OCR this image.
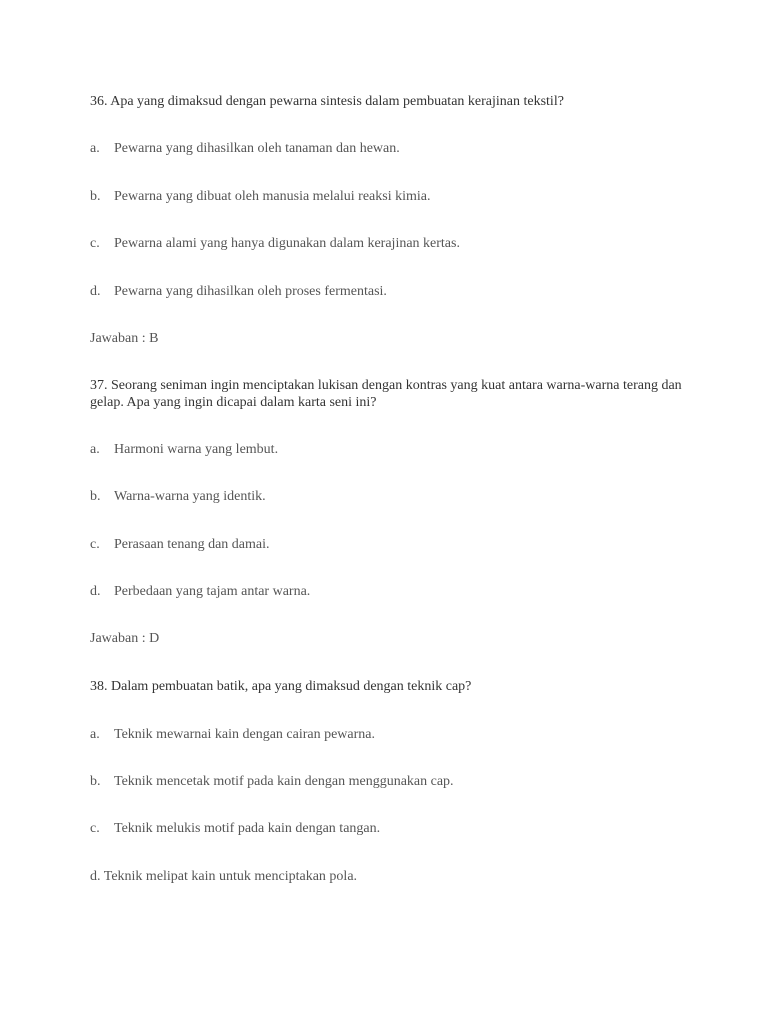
36. Apa yang dimaksud dengan pewarna sintesis dalam pembuatan kerajinan tekstil?
a. Pewarna yang dihasilkan oleh tanaman dan hewan.
b. Pewarna yang dibuat oleh manusia melalui reaksi kimia.
c. Pewarna alami yang hanya digunakan dalam kerajinan kertas.
d. Pewarna yang dihasilkan oleh proses fermentasi.
Jawaban : B
37. Seorang seniman ingin menciptakan lukisan dengan kontras yang kuat antara warna-warna terang dan gelap. Apa yang ingin dicapai dalam karta seni ini?
a. Harmoni warna yang lembut.
b. Warna-warna yang identik.
c. Perasaan tenang dan damai.
d. Perbedaan yang tajam antar warna.
Jawaban : D
38. Dalam pembuatan batik, apa yang dimaksud dengan teknik cap?
a. Teknik mewarnai kain dengan cairan pewarna.
b. Teknik mencetak motif pada kain dengan menggunakan cap.
c. Teknik melukis motif pada kain dengan tangan.
d. Teknik melipat kain untuk menciptakan pola.
